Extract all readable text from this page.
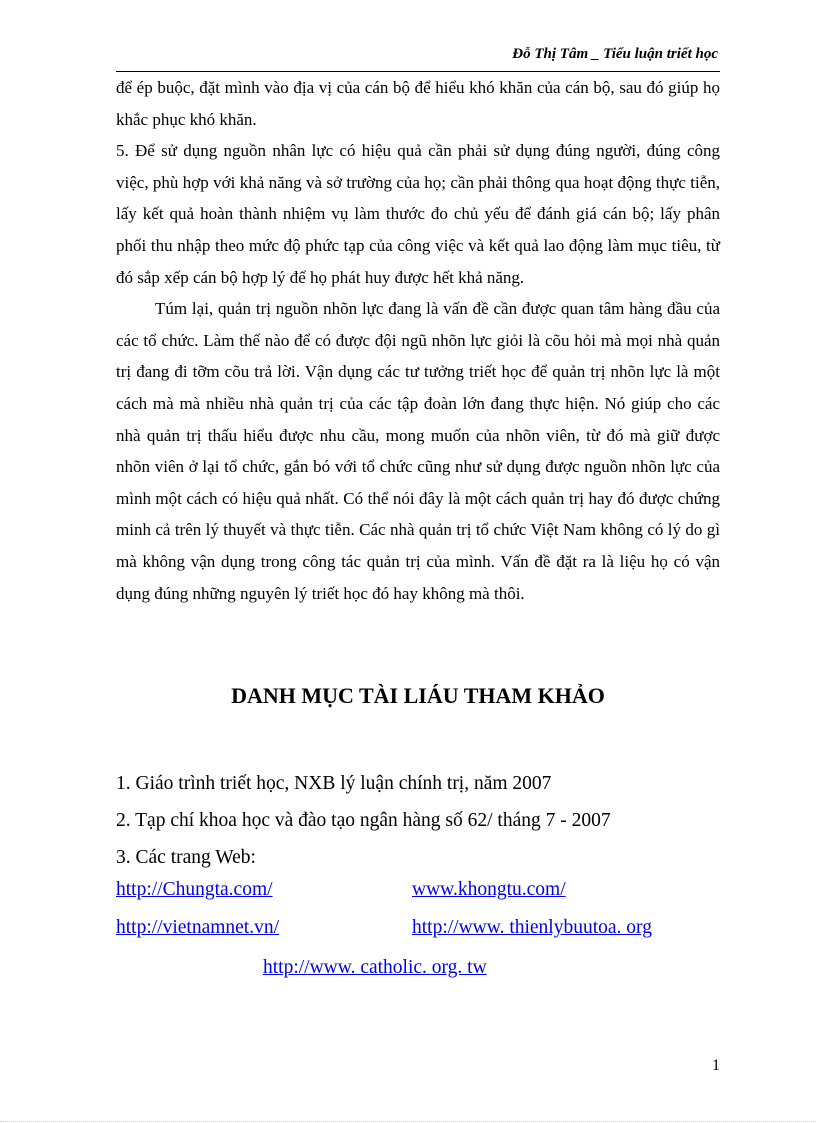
Đỗ Thị Tâm _ Tiểu luận triết học

để ép buộc, đặt mình vào địa vị của cán bộ để hiểu khó khăn của cán bộ, sau đó giúp họ khắc phục khó khăn.

5. Để sử dụng nguồn nhân lực có hiệu quả cần phải sử dụng đúng người, đúng công việc, phù hợp với khả năng và sở trường của họ; cần phải thông qua hoạt động thực tiễn, lấy kết quả hoàn thành nhiệm vụ làm thước đo chủ yếu để đánh giá cán bộ; lấy phân phối thu nhập theo mức độ phức tạp của công việc và kết quả lao động làm mục tiêu, từ đó sắp xếp cán bộ hợp lý để họ phát huy được hết khả năng.

Túm lại, quản trị nguồn nhõn lực đang là vấn đề cần được quan tâm hàng đầu của các tổ chức. Làm thế nào để có được đội ngũ nhõn lực giỏi là cõu hỏi mà mọi nhà quản trị đang đi tỡm cõu trả lời. Vận dụng các tư tưởng triết học để quản trị nhõn lực là một cách mà mà nhiều nhà quản trị của các tập đoàn lớn đang thực hiện. Nó giúp cho các nhà quản trị thấu hiểu được nhu cầu, mong muốn của nhõn viên, từ đó mà giữ được nhõn viên ở lại tổ chức, gắn bó với tổ chức cũng như sử dụng được nguồn nhõn lực của mình một cách có hiệu quả nhất. Có thể nói đây là một cách quản trị hay đó được chứng minh cả trên lý thuyết và thực tiễn. Các nhà quản trị tổ chức Việt Nam không có lý do gì mà không vận dụng trong công tác quản trị của mình. Vấn đề đặt ra là liệu họ có vận dụng đúng những nguyên lý triết học đó hay không mà thôi.

DANH MỤC TÀI LIÁU THAM KHẢO
1. Giáo trình triết học, NXB lý luận chính trị, năm 2007
2. Tạp chí khoa học và đào tạo ngân hàng số 62/ tháng 7 - 2007
3. Các trang Web:
http://Chungta.com/	www.khongtu.com/
http://vietnamnet.vn/	http://www. thienlybuutoa. org
http://www. catholic. org. tw
1
